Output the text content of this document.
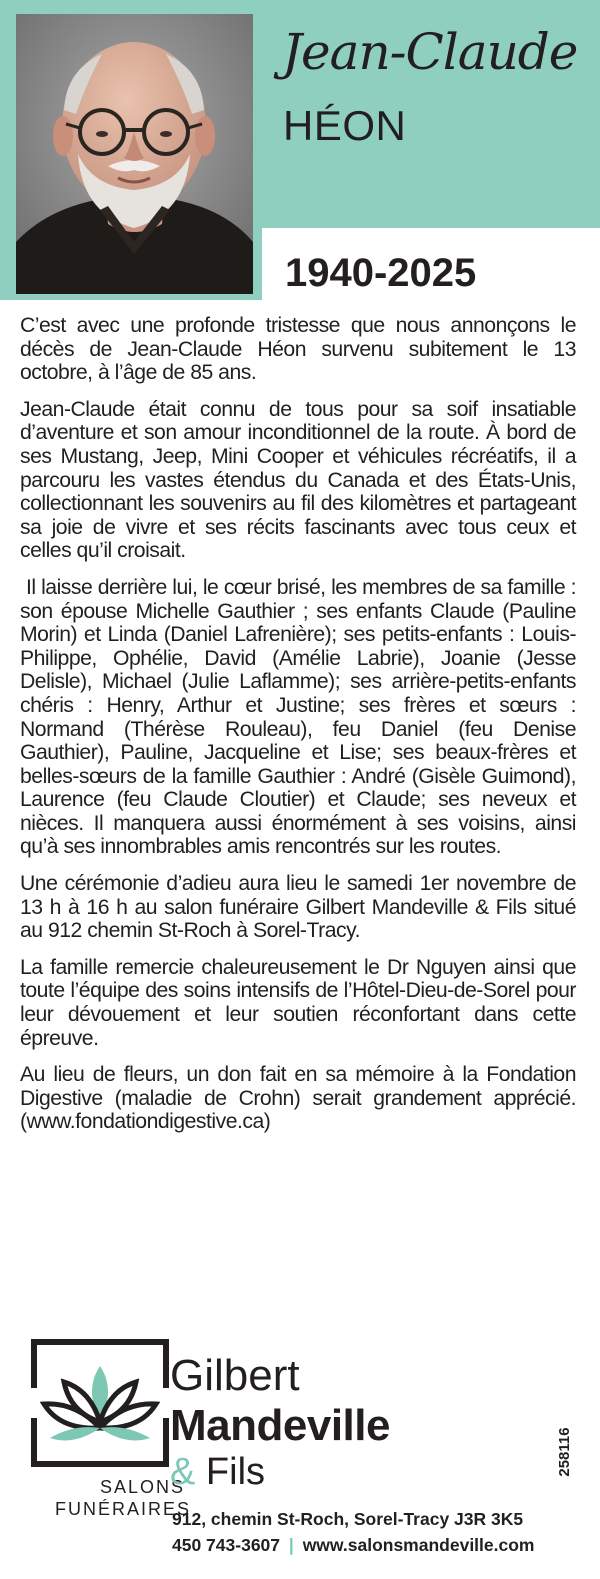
Jean-Claude
HÉON
1940-2025

C’est avec une profonde tristesse que nous annonçons le décès de Jean-Claude Héon survenu subitement le 13 octobre, à l’âge de 85 ans.

Jean-Claude était connu de tous pour sa soif insatiable d’aventure et son amour inconditionnel de la route. À bord de ses Mustang, Jeep, Mini Cooper et véhicules récréatifs, il a parcouru les vastes étendus du Canada et des États-Unis, collectionnant les souvenirs au fil des kilomètres et partageant sa joie de vivre et ses récits fascinants avec tous ceux et celles qu’il croisait.

Il laisse derrière lui, le cœur brisé, les membres de sa famille : son épouse Michelle Gauthier ; ses enfants Claude (Pauline Morin) et Linda (Daniel Lafrenière); ses petits-enfants : Louis-Philippe, Ophélie, David (Amélie Labrie), Joanie (Jesse Delisle), Michael (Julie Laflamme); ses arrière-petits-enfants chéris : Henry, Arthur et Justine; ses frères et sœurs : Normand (Thérèse Rouleau), feu Daniel (feu Denise Gauthier), Pauline, Jacqueline et Lise; ses beaux-frères et belles-sœurs de la famille Gauthier : André (Gisèle Guimond), Laurence (feu Claude Cloutier) et Claude; ses neveux et nièces. Il manquera aussi énormément à ses voisins, ainsi qu’à ses innombrables amis rencontrés sur les routes.

Une cérémonie d’adieu aura lieu le samedi 1er novembre de 13 h à 16 h au salon funéraire Gilbert Mandeville & Fils situé au 912 chemin St-Roch à Sorel-Tracy.

La famille remercie chaleureusement le Dr Nguyen ainsi que toute l’équipe des soins intensifs de l’Hôtel-Dieu-de-Sorel pour leur dévouement et leur soutien réconfortant dans cette épreuve.

Au lieu de fleurs, un don fait en sa mémoire à la Fondation Digestive (maladie de Crohn) serait grandement apprécié. (www.fondationdigestive.ca)

SALONS
FUNÉRAIRES
Gilbert
Mandeville
& Fils
912, chemin St-Roch, Sorel-Tracy J3R 3K5
450 743-3607 | www.salonsmandeville.com
258116
